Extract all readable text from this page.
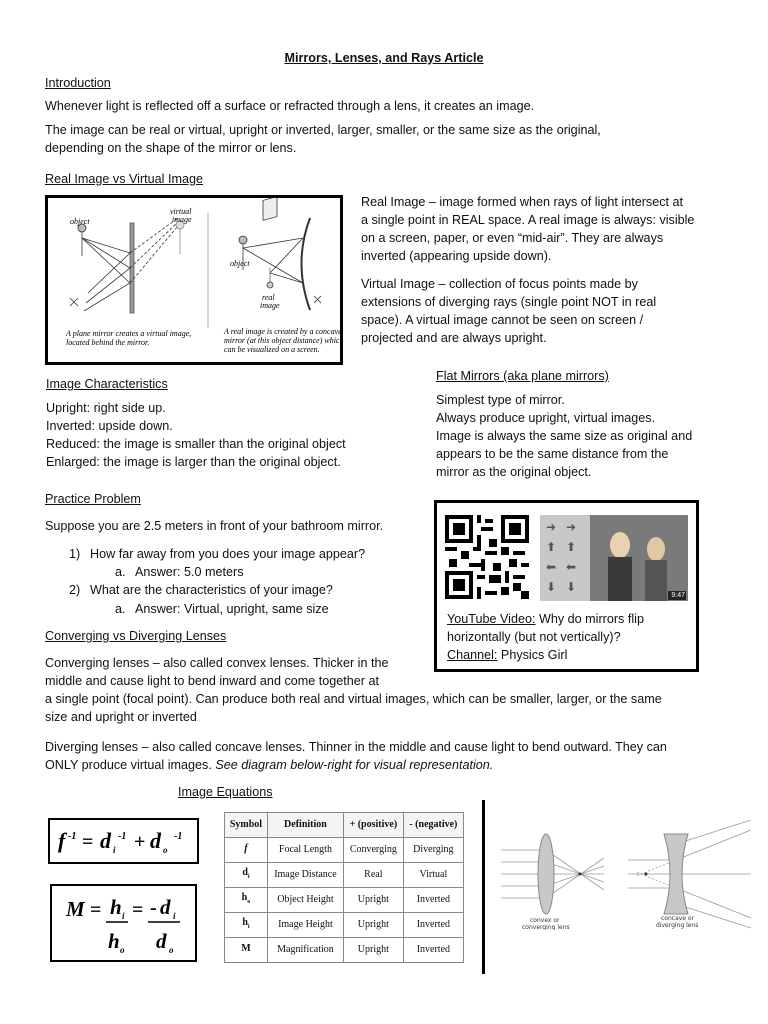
Mirrors, Lenses, and Rays Article
Introduction
Whenever light is reflected off a surface or refracted through a lens, it creates an image.
The image can be real or virtual, upright or inverted, larger, smaller, or the same size as the original,
depending on the shape of the mirror or lens.
Real Image vs Virtual Image
object
virtual
image
object
real
image
A plane mirror creates a virtual image,
located behind the mirror.
A real image is created by a concave
mirror (at this object distance) which
can be visualized on a screen.
Real Image – image formed when rays of light intersect at
a single point in REAL space. A real image is always: visible
on a screen, paper, or even “mid-air”. They are always
inverted (appearing upside down).
Virtual Image – collection of focus points made by
extensions of diverging rays (single point NOT in real
space). A virtual image cannot be seen on screen /
projected and are always upright.
Image Characteristics
Upright: right side up.
Inverted: upside down.
Reduced: the image is smaller than the original object
Enlarged: the image is larger than the original object.
Flat Mirrors (aka plane mirrors)
Simplest type of mirror.
Always produce upright, virtual images.
Image is always the same size as original and
appears to be the same distance from the
mirror as the original object.
Practice Problem
Suppose you are 2.5 meters in front of your bathroom mirror.
1) How far away from you does your image appear?
a. Answer: 5.0 meters
2) What are the characteristics of your image?
a. Answer: Virtual, upright, same size
➜ ➜
⬆ ⬆
⬅ ⬅
⬇ ⬇
9:47
YouTube Video: Why do mirrors flip
horizontally (but not vertically)?
Channel: Physics Girl
Converging vs Diverging Lenses
Converging lenses – also called convex lenses. Thicker in the
middle and cause light to bend inward and come together at
a single point (focal point). Can produce both real and virtual images, which can be smaller, larger, or the same
size and upright or inverted
Diverging lenses – also called concave lenses. Thinner in the middle and cause light to bend outward. They can
ONLY produce virtual images. See diagram below-right for visual representation.
Image Equations
f -1 = d i
-1 + d o
-1
M = h i
h o
= - d i
d o
Symbol	Definition	+ (positive)	- (negative)
f	Focal Length	Converging	Diverging
$d_i$	Image Distance	Real	Virtual
$h_o$	Object Height	Upright	Inverted
$h_i$	Image Height	Upright	Inverted
M	Magnification	Upright	Inverted
convex or
converging lens
concave or
diverging lens
